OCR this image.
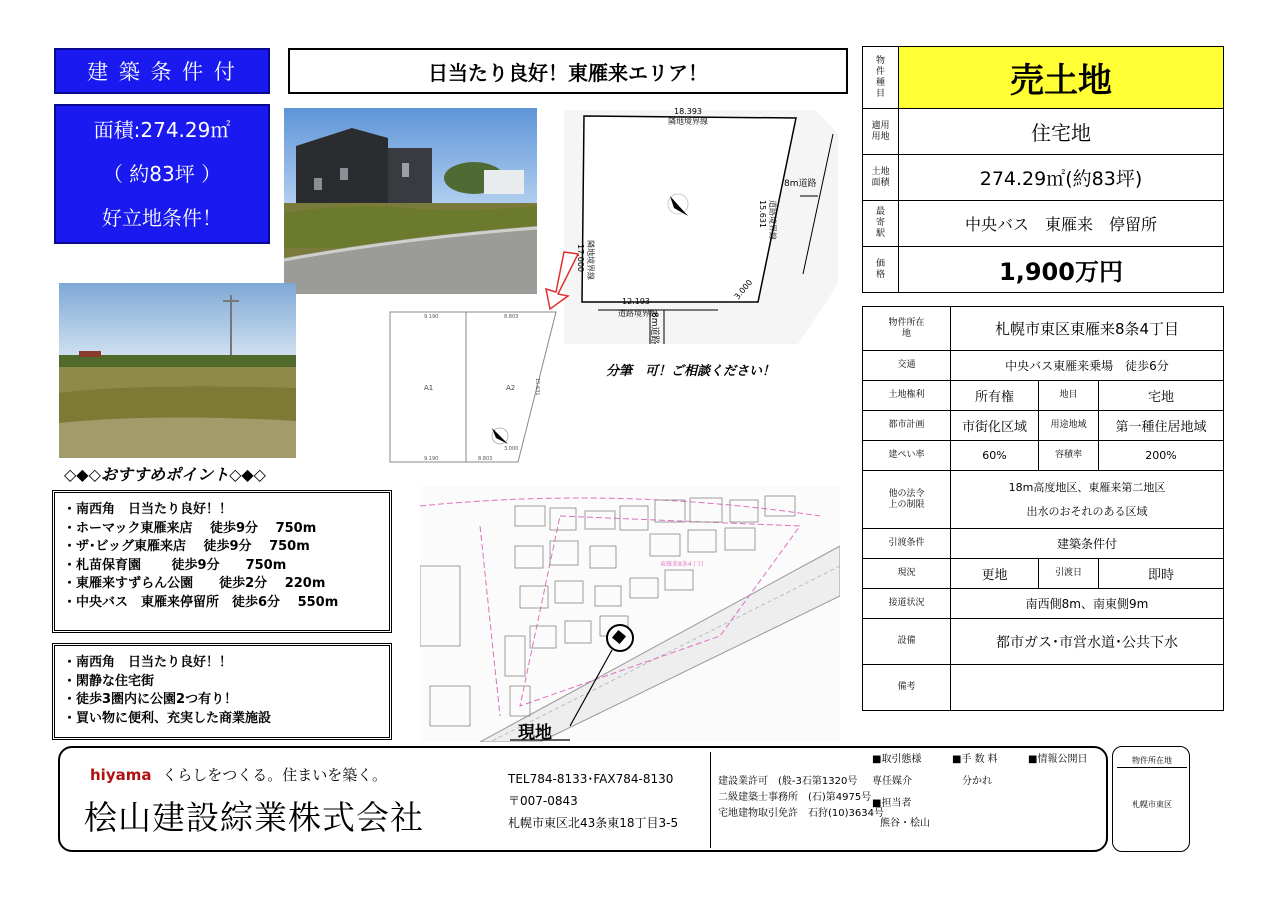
建 築 条 件 付
面積:274.29㎡
（ 約83坪 ）
好立地条件！
日当たり良好！東雁来エリア！
18.393
隣地境界線
17.000 隣地境界線
15.631 道路境界線
8m道路
12.193
道路境界線
3.000
8m道路
9.190	8.803
9.190	8.803
15.631
3.000
A1	A2
分筆　可！ご相談ください！
◇◆◇おすすめポイント◇◆◇
・南西角　日当たり良好！！
・ホーマック東雁来店　 徒歩9分　 750m
・ザ･ビッグ東雁来店　 徒歩9分　 750m
・札苗保育園　　 徒歩9分　　750m
・東雁来すずらん公園　　徒歩2分　 220m
・中央バス　東雁来停留所　徒歩6分　 550m
・南西角　日当たり良好！！
・閑静な住宅街
・徒歩3圏内に公園2つ有り！
・買い物に便利、充実した商業施設
東雁来8条4丁目
現地
物件種目	売土地

適用用地	住宅地

土地面積	274.29㎡(約83坪)

最寄駅	中央バス　東雁来　停留所

価格	1,900万円
物件所在地	札幌市東区東雁来8条4丁目		
交通	中央バス東雁来乗場　徒歩6分		
土地権利	所有権	地目	宅地
都市計画	市街化区域	用途地域	第一種住居地域
建ぺい率	60%	容積率	200%

他の法令上の制限	18m高度地区、東雁来第二地区
出水のおそれのある区域		

引渡条件	建築条件付		
現況	更地	引渡日	即時
接道状況	南西側8m、南東側9m		
設備	都市ガス･市営水道･公共下水		
備考			
hiyama くらしをつくる。住まいを築く。
桧山建設綜業株式会社
TEL784-8133･FAX784-8130
〒007-0843
札幌市東区北43条東18丁目3-5
建設業許可　(般-3石第1320号
二級建築士事務所　(石)第4975号
宅地建物取引免許　石狩(10)3634号
■取引態様
専任媒介
■担当者
熊谷・桧山
■手 数 料
分かれ
■情報公開日	物件所在地
札幌市東区
